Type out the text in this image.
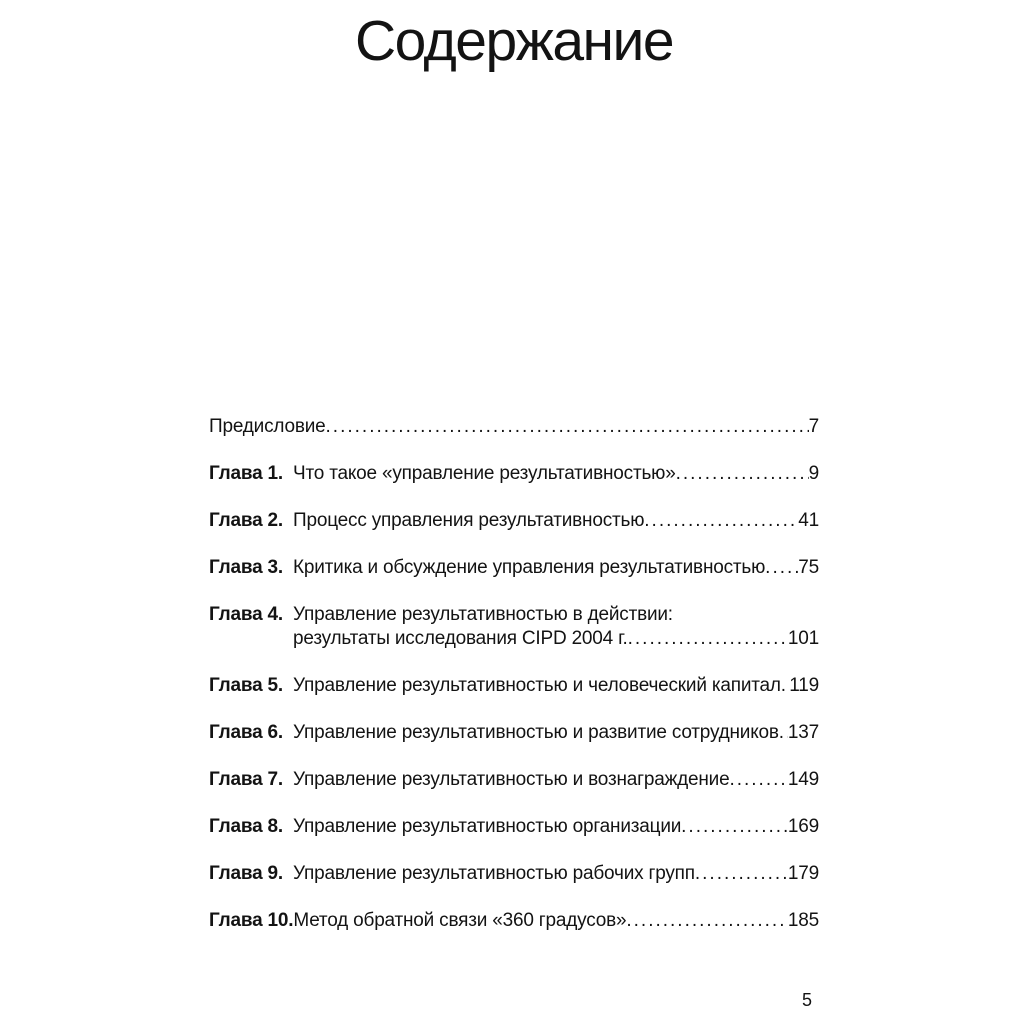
Содержание
Предисловие .....	7
Глава 1. Что такое «управление результативностью» .....	9
Глава 2. Процесс управления результативностью .....	41
Глава 3. Критика и обсуждение управления результативностью ..... 75
Глава 4. Управление результативностью в действии:
результаты исследования CIPD 2004 г. .....	101
Глава 5. Управление результативностью и человеческий капитал ..... 119
Глава 6. Управление результативностью и развитие сотрудников ..... 137
Глава 7. Управление результативностью и вознаграждение .....	149
Глава 8. Управление результативностью организации .....	169
Глава 9. Управление результативностью рабочих групп .....	179
Глава 10. Метод обратной связи «360 градусов» .....	185
5
